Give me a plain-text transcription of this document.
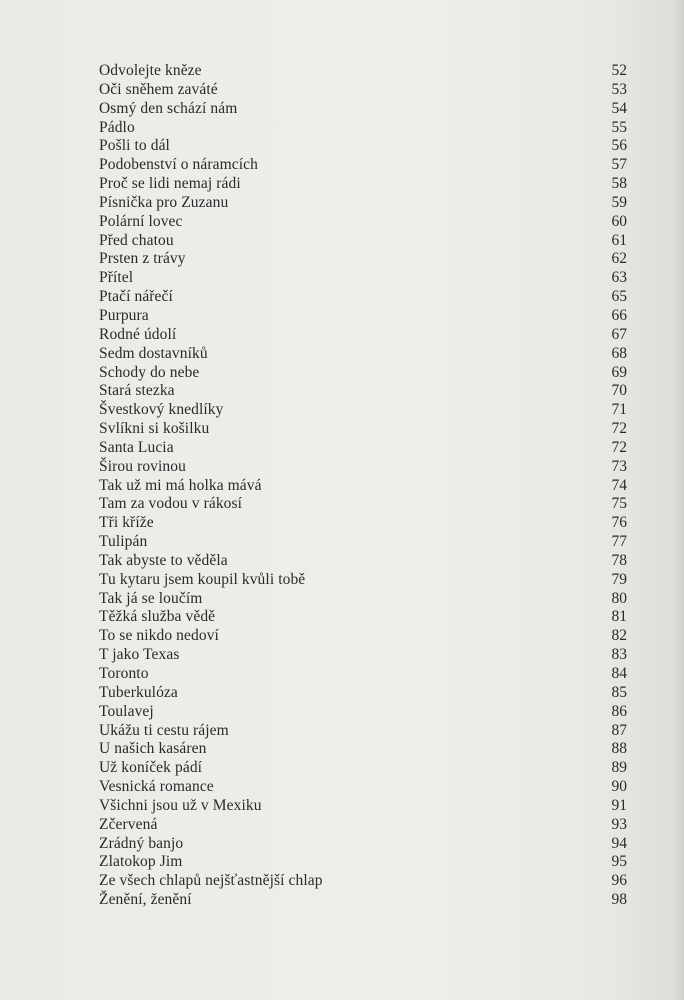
Odvolejte kněze	52
Oči sněhem zaváté	53
Osmý den schází nám	54
Pádlo	55
Pošli to dál	56
Podobenství o náramcích	57
Proč se lidi nemaj rádi	58
Písnička pro Zuzanu	59
Polární lovec	60
Před chatou	61
Prsten z trávy	62
Přítel	63
Ptačí nářečí	65
Purpura	66
Rodné údolí	67
Sedm dostavníků	68
Schody do nebe	69
Stará stezka	70
Švestkový knedlíky	71
Svlíkni si košilku	72
Santa Lucia	72
Širou rovinou	73
Tak už mi má holka mává	74
Tam za vodou v rákosí	75
Tři kříže	76
Tulipán	77
Tak abyste to věděla	78
Tu kytaru jsem koupil kvůli tobě	79
Tak já se loučím	80
Těžká služba vědě	81
To se nikdo nedoví	82
T jako Texas	83
Toronto	84
Tuberkulóza	85
Toulavej	86
Ukážu ti cestu rájem	87
U našich kasáren	88
Už koníček pádí	89
Vesnická romance	90
Všichni jsou už v Mexiku	91
Zčervená	93
Zrádný banjo	94
Zlatokop Jim	95
Ze všech chlapů nejšťastnější chlap	96
Ženění, ženění	98
